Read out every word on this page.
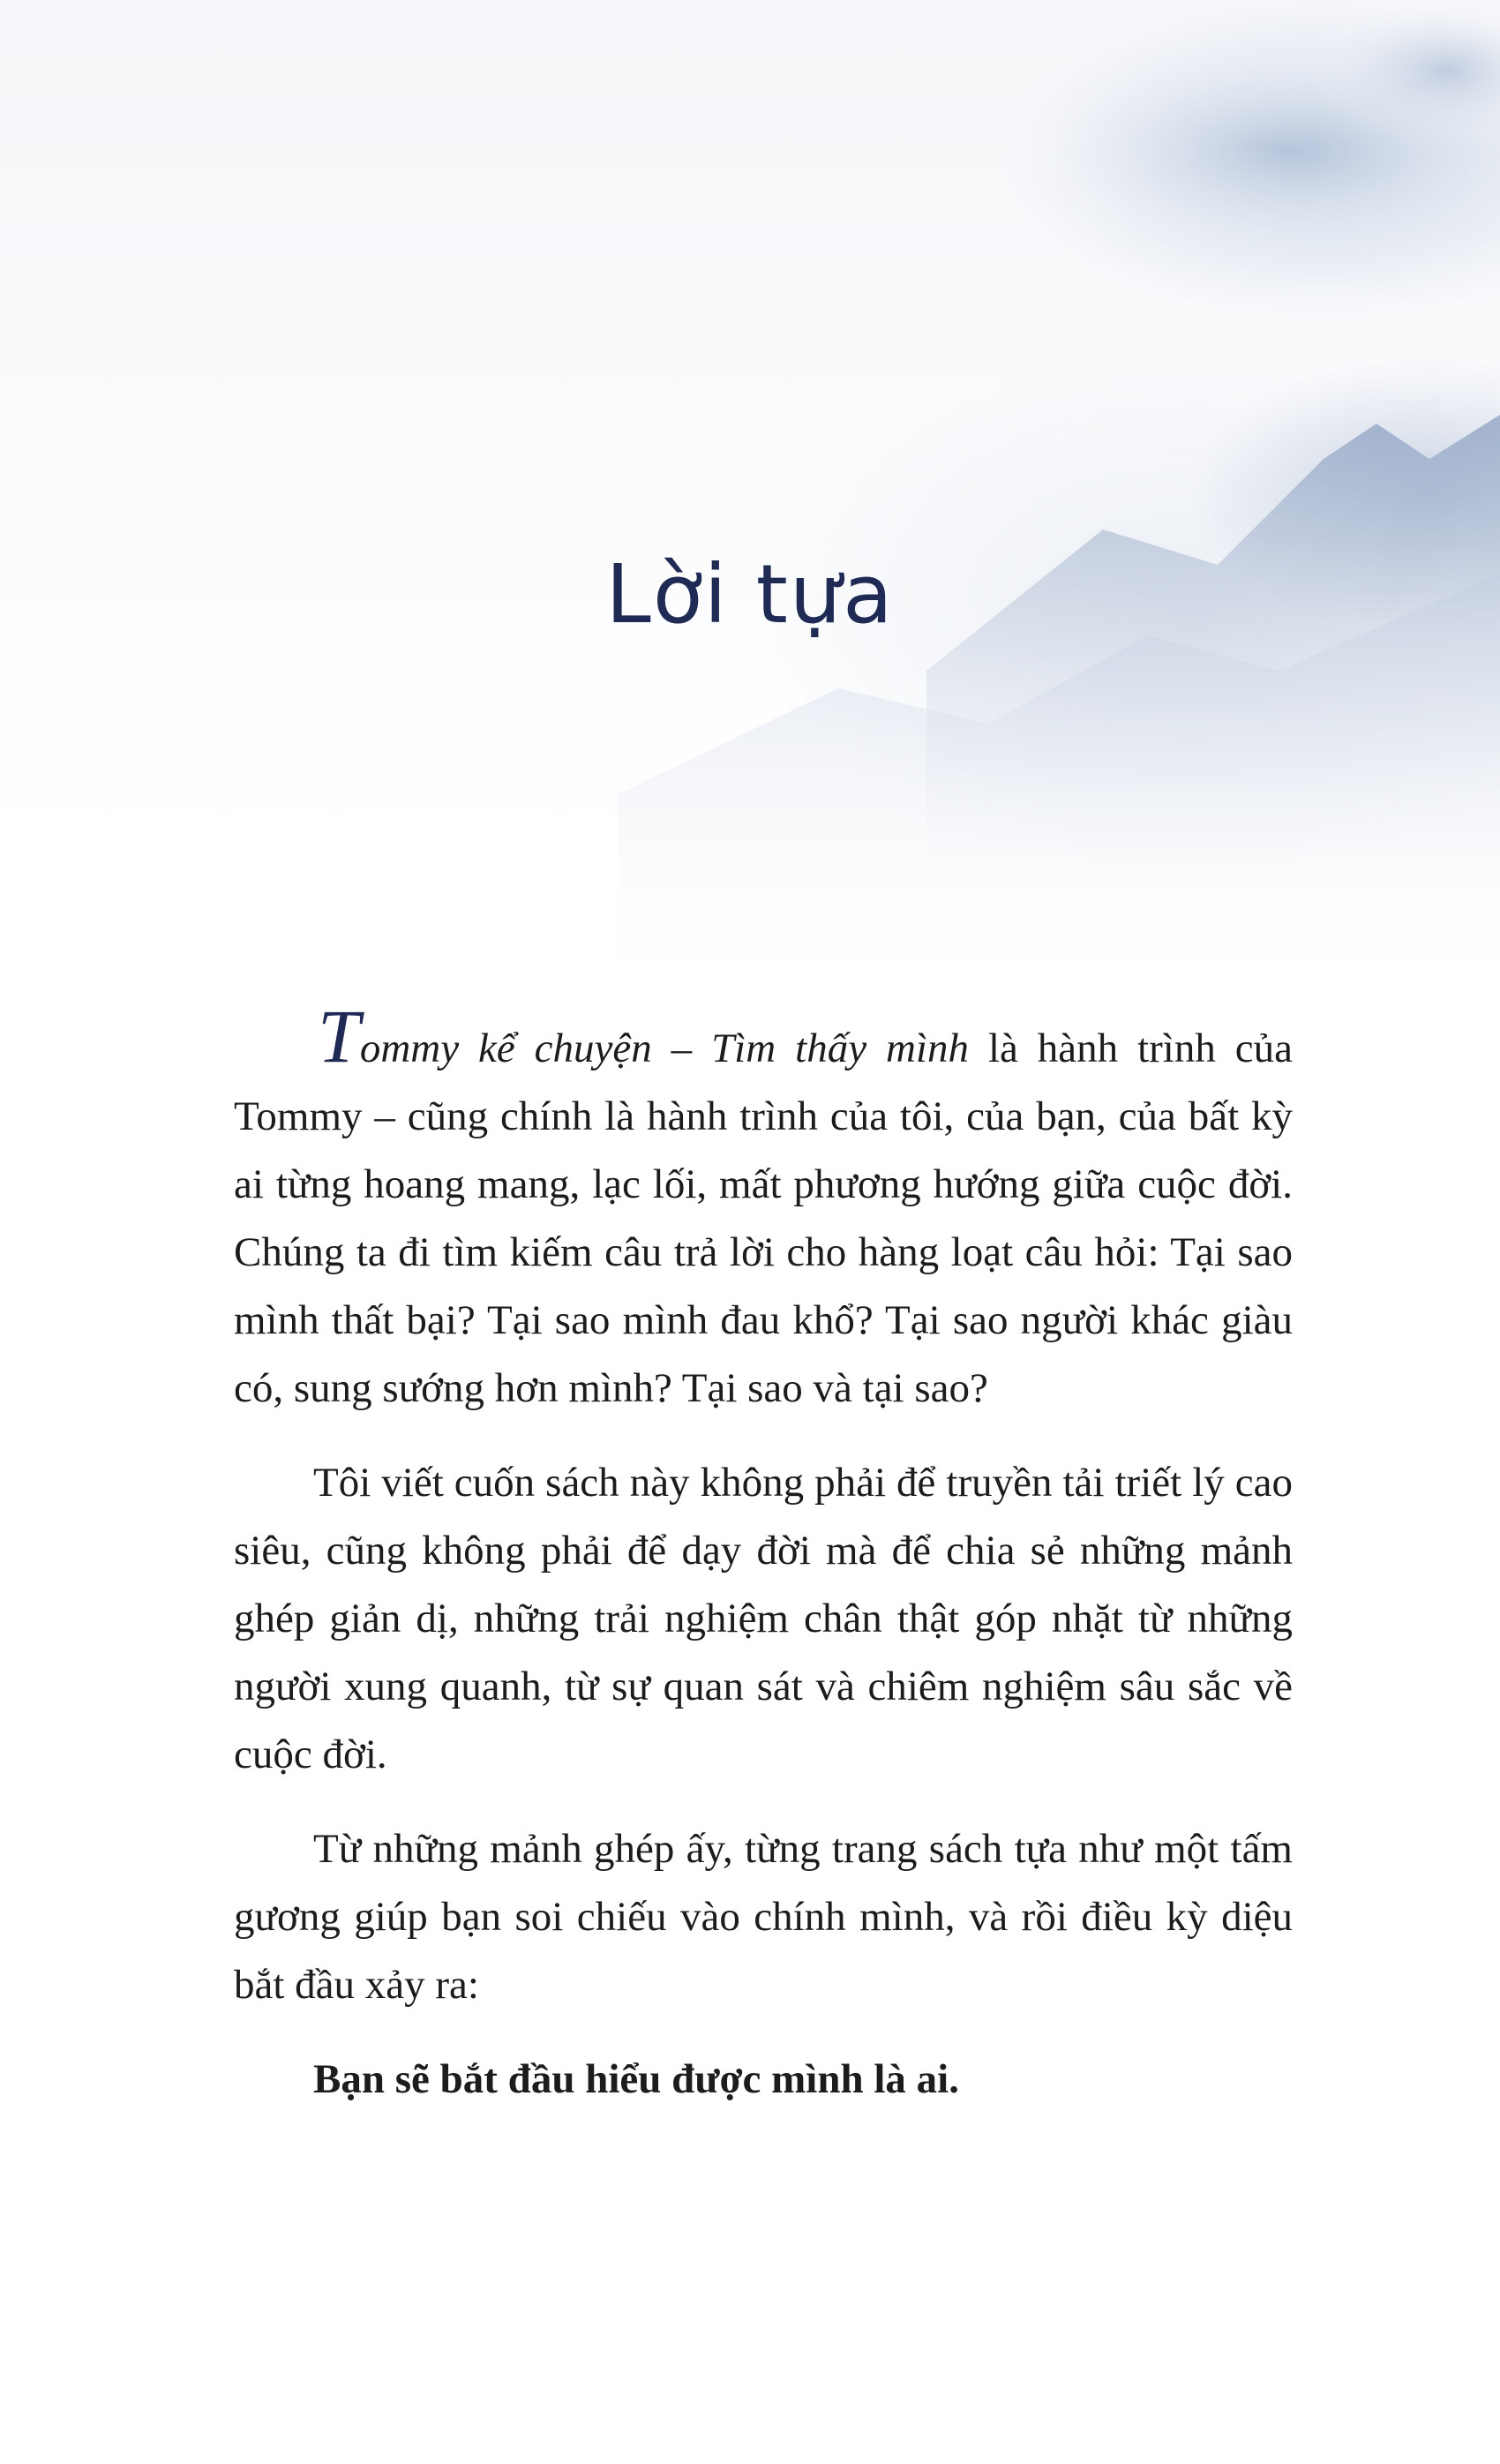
Lời tựa

Tommy kể chuyện – Tìm thấy mình là hành trình của Tommy – cũng chính là hành trình của tôi, của bạn, của bất kỳ ai từng hoang mang, lạc lối, mất phương hướng giữa cuộc đời. Chúng ta đi tìm kiếm câu trả lời cho hàng loạt câu hỏi: Tại sao mình thất bại? Tại sao mình đau khổ? Tại sao người khác giàu có, sung sướng hơn mình? Tại sao và tại sao?

Tôi viết cuốn sách này không phải để truyền tải triết lý cao siêu, cũng không phải để dạy đời mà để chia sẻ những mảnh ghép giản dị, những trải nghiệm chân thật góp nhặt từ những người xung quanh, từ sự quan sát và chiêm nghiệm sâu sắc về cuộc đời.

Từ những mảnh ghép ấy, từng trang sách tựa như một tấm gương giúp bạn soi chiếu vào chính mình, và rồi điều kỳ diệu bắt đầu xảy ra:

Bạn sẽ bắt đầu hiểu được mình là ai.
